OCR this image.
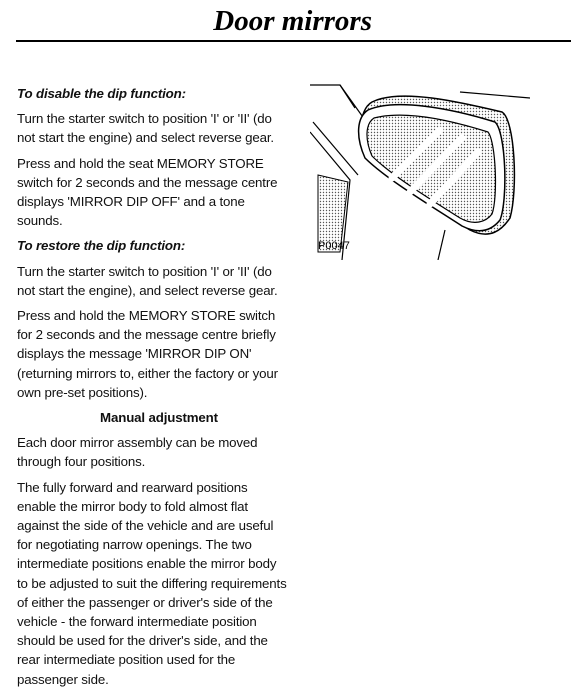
Door mirrors

To disable the dip function:

Turn the starter switch to position 'I' or 'II' (do not start the engine) and select reverse gear.

Press and hold the seat MEMORY STORE switch for 2 seconds and the message centre displays 'MIRROR DIP OFF' and a tone sounds.

To restore the dip function:

Turn the starter switch to position 'I' or 'II' (do not start the engine), and select reverse gear.

Press and hold the MEMORY STORE switch for 2 seconds and the message centre briefly displays the message 'MIRROR DIP ON' (returning mirrors to, either the factory or your own pre-set positions).

Manual adjustment

Each door mirror assembly can be moved through four positions.

The fully forward and rearward positions enable the mirror body to fold almost flat against the side of the vehicle and are useful for negotiating narrow openings. The two intermediate positions enable the mirror body to be adjusted to suit the differing requirements of either the passenger or driver's side of the vehicle - the forward intermediate position should be used for the driver's side, and the rear intermediate position used for the passenger side.

P0047
